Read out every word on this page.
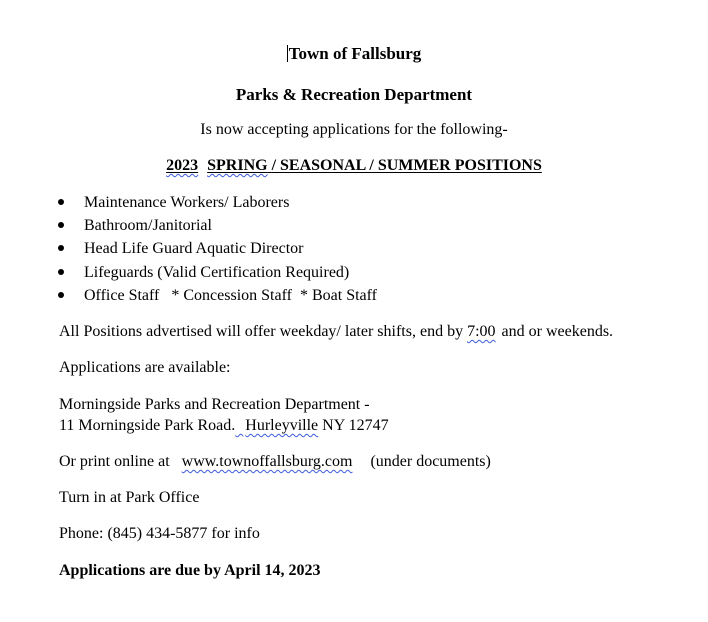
Town of Fallsburg
Parks & Recreation Department
Is now accepting applications for the following-
2023 SPRING / SEASONAL / SUMMER POSITIONS
Maintenance Workers/ Laborers
Bathroom/Janitorial
Head Life Guard Aquatic Director
Lifeguards (Valid Certification Required)
Office Staff   * Concession Staff  * Boat Staff
All Positions advertised will offer weekday/ later shifts, end by 7:00 and or weekends.
Applications are available:
Morningside Parks and Recreation Department -
11 Morningside Park Road. Hurleyville NY 12747
Or print online at www.townoffallsburg.com (under documents)
Turn in at Park Office
Phone: (845) 434-5877 for info
Applications are due by April 14, 2023
